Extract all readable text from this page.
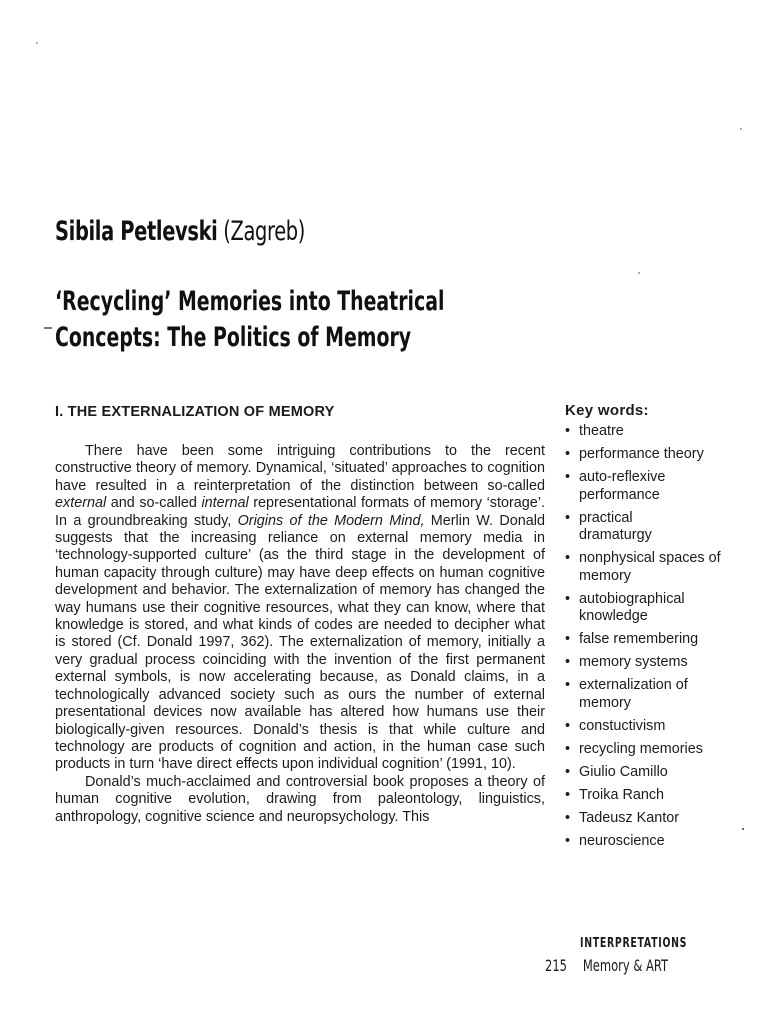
Sibila Petlevski (Zagreb)
‘Recycling’ Memories into Theatrical
Concepts: The Politics of Memory
I. THE EXTERNALIZATION OF MEMORY

There have been some intriguing contributions to the recent constructive theory of memory. Dynamical, ‘situated’ approaches to cognition have resulted in a reinterpretation of the distinction between so-called external and so-called internal representational formats of memory ‘storage’. In a groundbreaking study, Origins of the Modern Mind, Merlin W. Donald suggests that the increasing reliance on external memory media in ‘technology-supported culture’ (as the third stage in the development of human capacity through culture) may have deep effects on human cognitive development and behavior. The externalization of memory has changed the way humans use their cognitive resources, what they can know, where that knowledge is stored, and what kinds of codes are needed to decipher what is stored (Cf. Donald 1997, 362). The externalization of memory, initially a very gradual process coinciding with the invention of the first permanent external symbols, is now accelerating because, as Donald claims, in a technologically advanced society such as ours the number of external presentational devices now available has altered how humans use their biologically-given resources. Donald’s thesis is that while culture and technology are products of cognition and action, in the human case such products in turn ‘have direct effects upon individual cognition’ (1991, 10).

Donald’s much-acclaimed and controversial book proposes a theory of human cognitive evolution, drawing from paleontology, linguistics, anthropology, cognitive science and neuropsychology. This

Key words:
• theatre
• performance theory
• auto-reflexive performance
• practical dramaturgy
• nonphysical spaces of memory
• autobiographical knowledge
• false remembering
• memory systems
• externalization of memory
• constuctivism
• recycling memories
• Giulio Camillo
• Troika Ranch
• Tadeusz Kantor
• neuroscience
INTERPRETATIONS
215 Memory & ART
